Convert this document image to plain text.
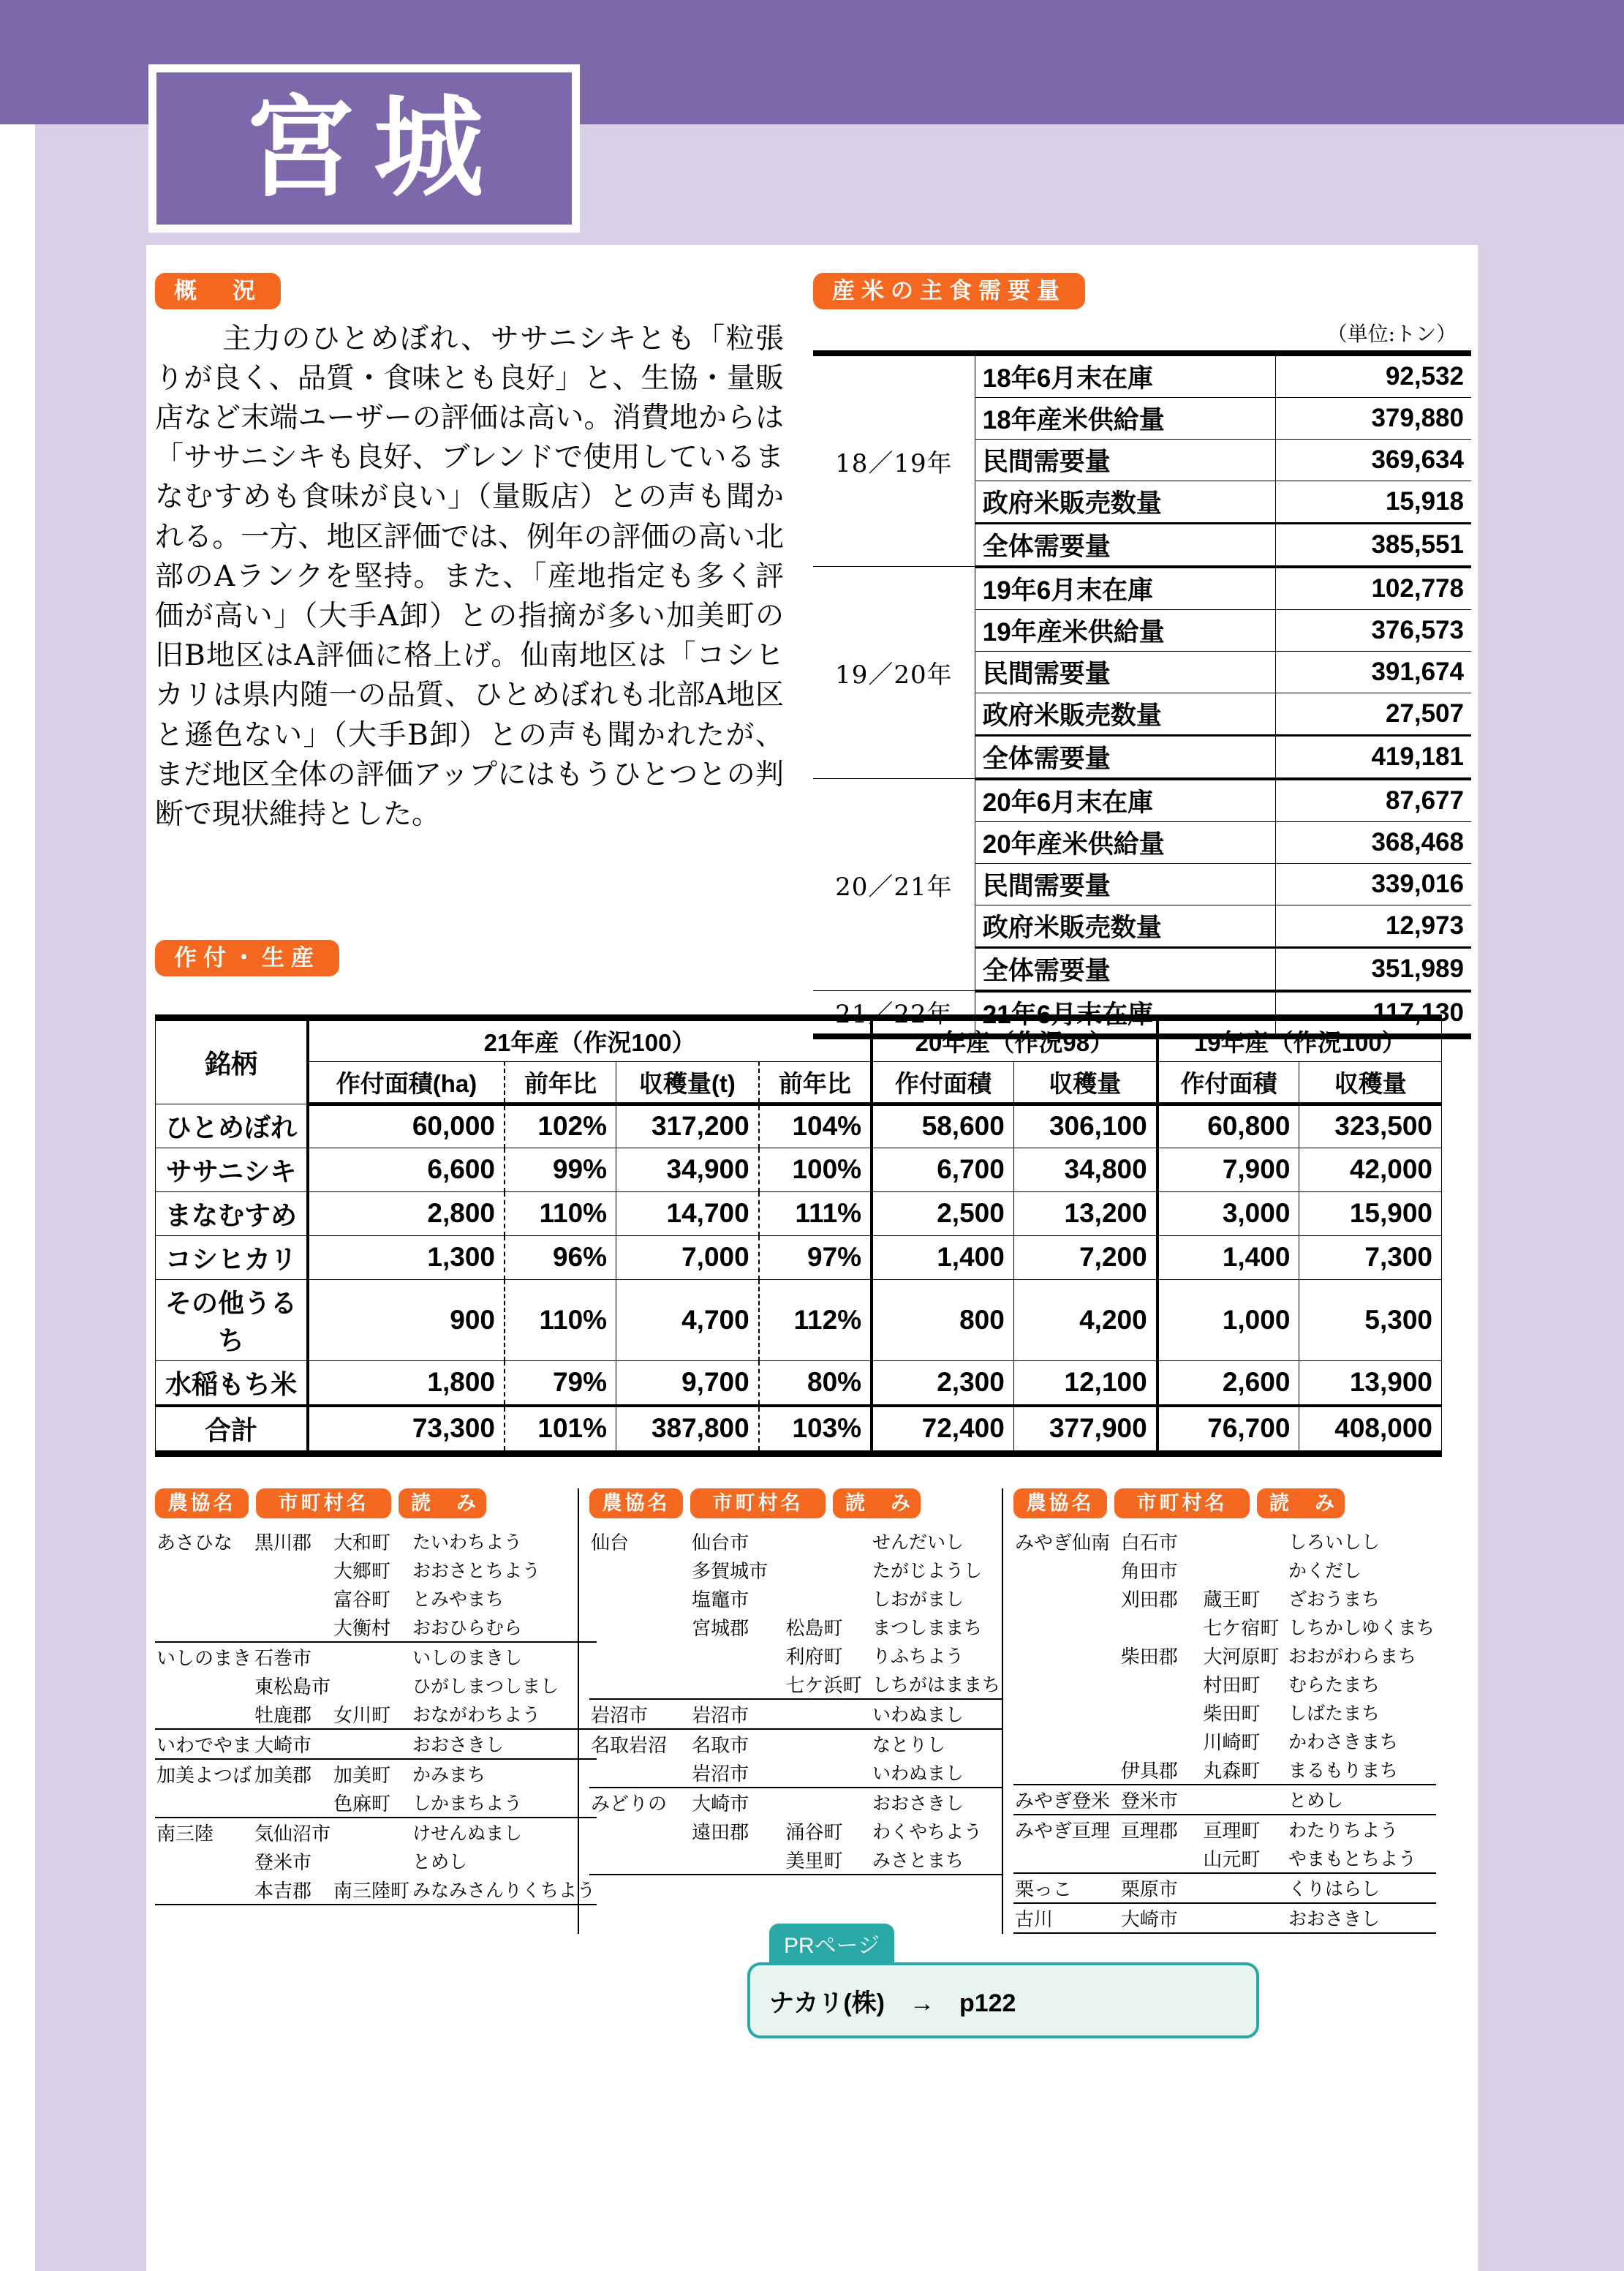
宮城
概　況

　主力のひとめぼれ、ササニシキとも「粒張りが良く、品質・食味とも良好」と、生協・量販店など末端ユーザーの評価は高い。消費地からは「ササニシキも良好、ブレンドで使用しているまなむすめも食味が良い」（量販店）との声も聞かれる。一方、地区評価では、例年の評価の高い北部のAランクを堅持。また、「産地指定も多く評価が高い」（大手A卸）との指摘が多い加美町の旧B地区はA評価に格上げ。仙南地区は「コシヒカリは県内随一の品質、ひとめぼれも北部A地区と遜色ない」（大手B卸）との声も聞かれたが、まだ地区全体の評価アップにはもうひとつとの判断で現状維持とした。

産米の主食需要量
（単位:トン）
18／19年	18年6月末在庫	92,532
	18年産米供給量	379,880
	民間需要量	369,634
	政府米販売数量	15,918
	全体需要量	385,551
19／20年	19年6月末在庫	102,778
	19年産米供給量	376,573
	民間需要量	391,674
	政府米販売数量	27,507
	全体需要量	419,181
20／21年	20年6月末在庫	87,677
	20年産米供給量	368,468
	民間需要量	339,016
	政府米販売数量	12,973
	全体需要量	351,989
21／22年	21年6月末在庫	117,130
作付・生産
銘柄	21年産（作況100）				20年産（作況98）		19年産（作況100）	
	作付面積(ha)	前年比	収穫量(t)	前年比	作付面積	収穫量	作付面積	収穫量
ひとめぼれ	60,000	102%	317,200	104%	58,600	306,100	60,800	323,500
ササニシキ	6,600	99%	34,900	100%	6,700	34,800	7,900	42,000
まなむすめ	2,800	110%	14,700	111%	2,500	13,200	3,000	15,900
コシヒカリ	1,300	96%	7,000	97%	1,400	7,200	1,400	7,300
その他うるち	900	110%	4,700	112%	800	4,200	1,000	5,300
水稲もち米	1,800	79%	9,700	80%	2,300	12,100	2,600	13,900
合計	73,300	101%	387,800	103%	72,400	377,900	76,700	408,000
農協名	市町村名	読　み
あさひな	黒川郡	大和町	たいわちよう
		大郷町	おおさとちよう
		富谷町	とみやまち
		大衡村	おおひらむら
いしのまき	石巻市		いしのまきし
	東松島市		ひがしまつしまし
	牡鹿郡	女川町	おながわちよう
いわでやま	大崎市		おおさきし
加美よつば	加美郡	加美町	かみまち
		色麻町	しかまちよう
南三陸	気仙沼市		けせんぬまし
	登米市		とめし
	本吉郡	南三陸町	みなみさんりくちよう
農協名	市町村名	読　み
仙台	仙台市		せんだいし
	多賀城市		たがじようし
	塩竈市		しおがまし
	宮城郡	松島町	まつしままち
		利府町	りふちよう
		七ケ浜町	しちがはままち
岩沼市	岩沼市		いわぬまし
名取岩沼	名取市		なとりし
	岩沼市		いわぬまし
みどりの	大崎市		おおさきし
	遠田郡	涌谷町	わくやちよう
		美里町	みさとまち
農協名	市町村名	読　み
みやぎ仙南	白石市		しろいしし
	角田市		かくだし
	刈田郡	蔵王町	ざおうまち
		七ケ宿町	しちかしゆくまち
	柴田郡	大河原町	おおがわらまち
		村田町	むらたまち
		柴田町	しばたまち
		川崎町	かわさきまち
	伊具郡	丸森町	まるもりまち
みやぎ登米	登米市		とめし
みやぎ亘理	亘理郡	亘理町	わたりちよう
		山元町	やまもとちよう
栗っこ	栗原市		くりはらし
古川	大崎市		おおさきし
PRページ
ナカリ(株)　→　p122
